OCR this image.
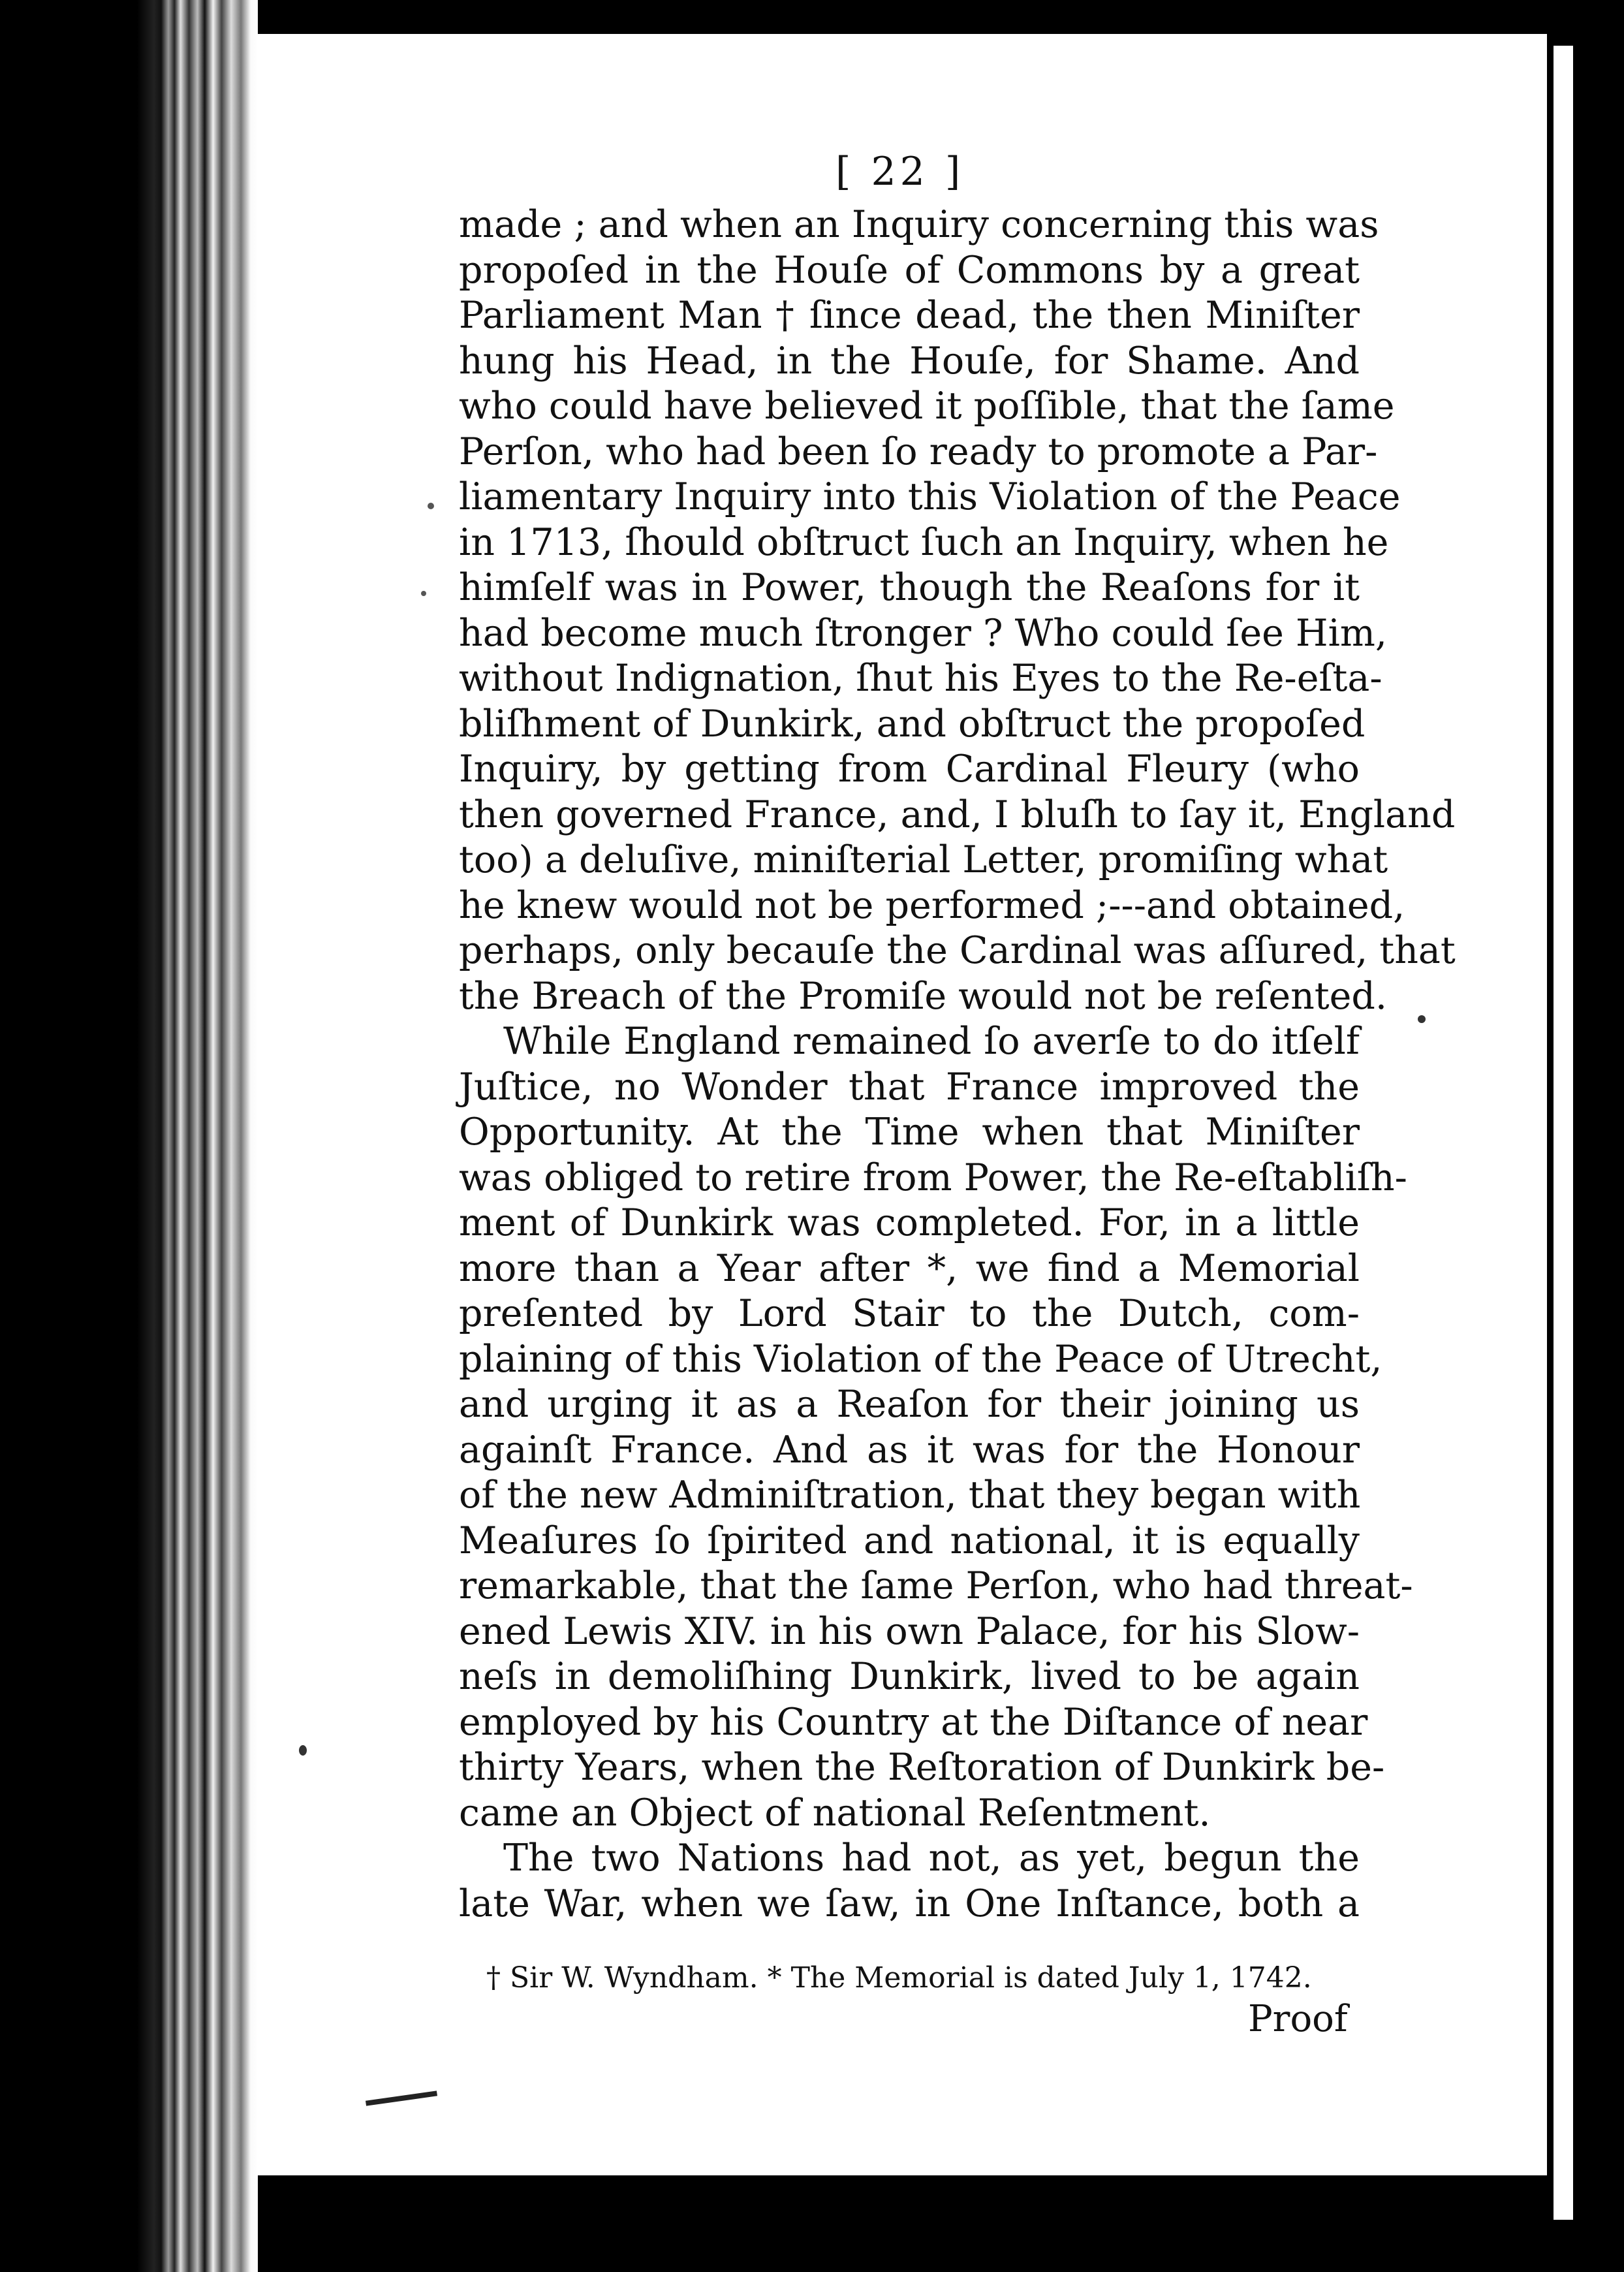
[ 22 ]
made ; and when an Inquiry concerning this was
propoſed in the Houſe of Commons by a great
Parliament Man † ſince dead, the then Miniſter
hung his Head, in the Houſe, for Shame. And
who could have believed it poſſible, that the ſame
Perſon, who had been ſo ready to promote a Par-
liamentary Inquiry into this Violation of the Peace
in 1713, ſhould obſtruct ſuch an Inquiry, when he
himſelf was in Power, though the Reaſons for it
had become much ſtronger ? Who could ſee Him,
without Indignation, ſhut his Eyes to the Re-eſta-
bliſhment of Dunkirk, and obſtruct the propoſed
Inquiry, by getting from Cardinal Fleury (who
then governed France, and, I bluſh to ſay it, England
too) a deluſive, miniſterial Letter, promiſing what
he knew would not be performed ;---and obtained,
perhaps, only becauſe the Cardinal was aſſured, that
the Breach of the Promiſe would not be reſented.
While England remained ſo averſe to do itſelf
Juſtice, no Wonder that France improved the
Opportunity. At the Time when that Miniſter
was obliged to retire from Power, the Re-eſtabliſh-
ment of Dunkirk was completed. For, in a little
more than a Year after *, we find a Memorial
preſented by Lord Stair to the Dutch, com-
plaining of this Violation of the Peace of Utrecht,
and urging it as a Reaſon for their joining us
againſt France. And as it was for the Honour
of the new Adminiſtration, that they began with
Meaſures ſo ſpirited and national, it is equally
remarkable, that the ſame Perſon, who had threat-
ened Lewis XIV. in his own Palace, for his Slow-
neſs in demoliſhing Dunkirk, lived to be again
employed by his Country at the Diſtance of near
thirty Years, when the Reſtoration of Dunkirk be-
came an Object of national Reſentment.
The two Nations had not, as yet, begun the
late War, when we ſaw, in One Inſtance, both a
† Sir W. Wyndham. * The Memorial is dated July 1, 1742.
Proof
